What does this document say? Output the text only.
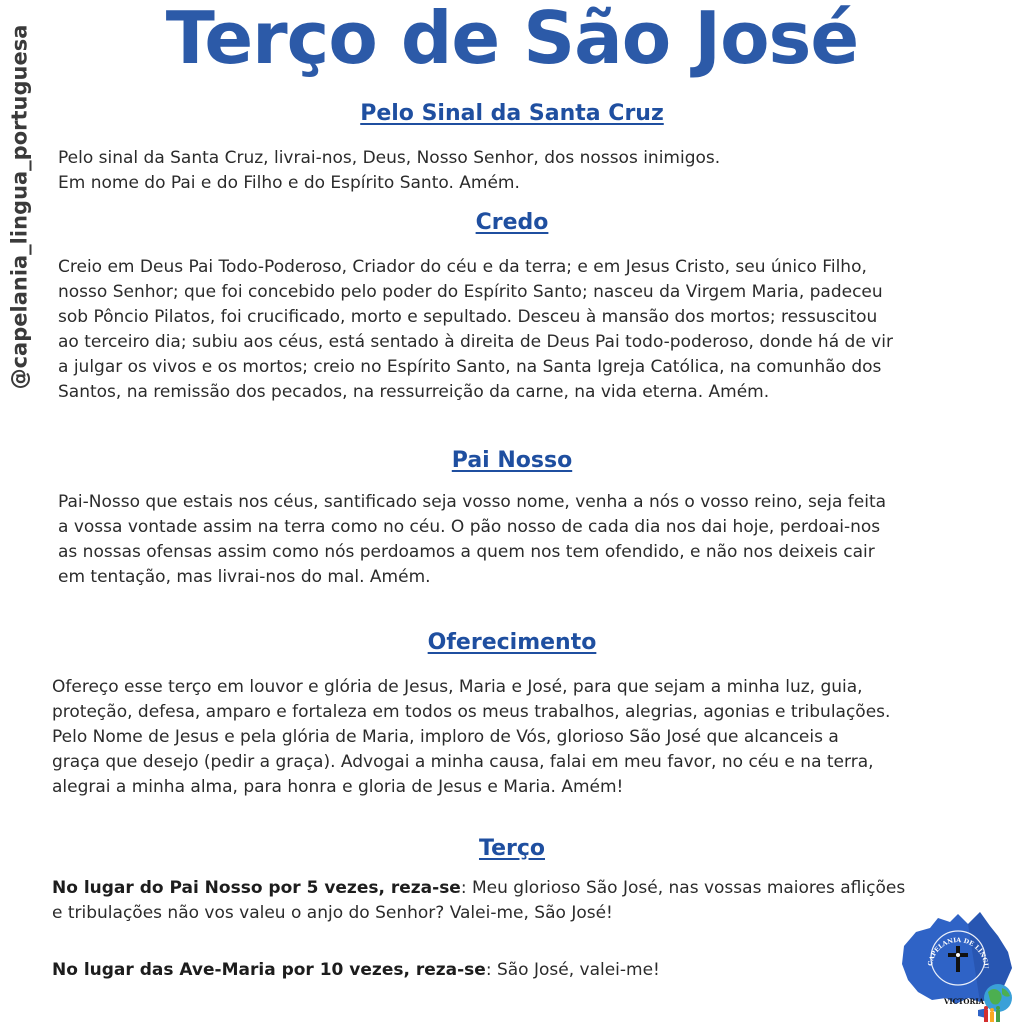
@capelania_lingua_portuguesa	Terço de São José
Pelo Sinal da Santa Cruz

Pelo sinal da Santa Cruz, livrai-nos, Deus, Nosso Senhor, dos nossos inimigos.

Em nome do Pai e do Filho e do Espírito Santo. Amém.

Credo

Creio em Deus Pai Todo-Poderoso, Criador do céu e da terra; e em Jesus Cristo, seu único Filho,

nosso Senhor; que foi concebido pelo poder do Espírito Santo; nasceu da Virgem Maria, padeceu

sob Pôncio Pilatos, foi crucificado, morto e sepultado. Desceu à mansão dos mortos; ressuscitou

ao terceiro dia; subiu aos céus, está sentado à direita de Deus Pai todo-poderoso, donde há de vir

a julgar os vivos e os mortos; creio no Espírito Santo, na Santa Igreja Católica, na comunhão dos

Santos, na remissão dos pecados, na ressurreição da carne, na vida eterna. Amém.

Pai Nosso

Pai-Nosso que estais nos céus, santificado seja vosso nome, venha a nós o vosso reino, seja feita

a vossa vontade assim na terra como no céu. O pão nosso de cada dia nos dai hoje, perdoai-nos

as nossas ofensas assim como nós perdoamos a quem nos tem ofendido, e não nos deixeis cair

em tentação, mas livrai-nos do mal. Amém.

Oferecimento

Ofereço esse terço em louvor e glória de Jesus, Maria e José, para que sejam a minha luz, guia,

proteção, defesa, amparo e fortaleza em todos os meus trabalhos, alegrias, agonias e tribulações.

Pelo Nome de Jesus e pela glória de Maria, imploro de Vós, glorioso São José que alcanceis a

graça que desejo (pedir a graça). Advogai a minha causa, falai em meu favor, no céu e na terra,

alegrai a minha alma, para honra e gloria de Jesus e Maria. Amém!

Terço

No lugar do Pai Nosso por 5 vezes, reza-se: Meu glorioso São José, nas vossas maiores aflições

e tribulações não vos valeu o anjo do Senhor? Valei-me, São José!

No lugar das Ave-Maria por 10 vezes, reza-se: São José, valei-me!	CAPELANIA DE LÍNGU
VICTORIA
